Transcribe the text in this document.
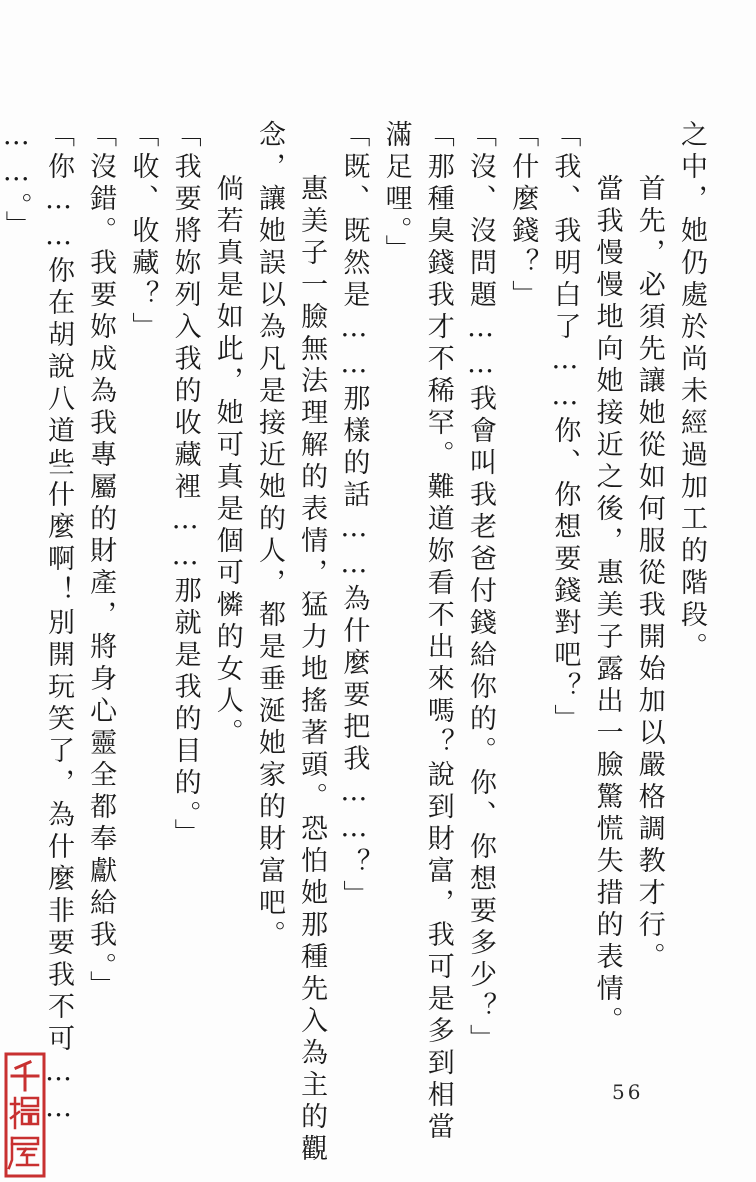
之中，她仍處於尚未經過加工的階段。
首先，必須先讓她從如何服從我開始加以嚴格調教才行。
當我慢慢地向她接近之後，惠美子露出一臉驚慌失措的表情。
「我、我明白了……你、你想要錢對吧？」
「什麼錢？」
「沒、沒問題……我會叫我老爸付錢給你的。你、你想要多少？」
「那種臭錢我才不稀罕。難道妳看不出來嗎？說到財富，我可是多到相當
滿足哩。」
「既、既然是……那樣的話……為什麼要把我……？」
惠美子一臉無法理解的表情，猛力地搖著頭。恐怕她那種先入為主的觀
念，讓她誤以為凡是接近她的人，都是垂涎她家的財富吧。
倘若真是如此，她可真是個可憐的女人。
「我要將妳列入我的收藏裡……那就是我的目的。」
「收、收藏？」
「沒錯。我要妳成為我專屬的財產，將身心靈全都奉獻給我。」
「你……你在胡說八道些什麼啊！別開玩笑了，為什麼非要我不可……
……。」
56
